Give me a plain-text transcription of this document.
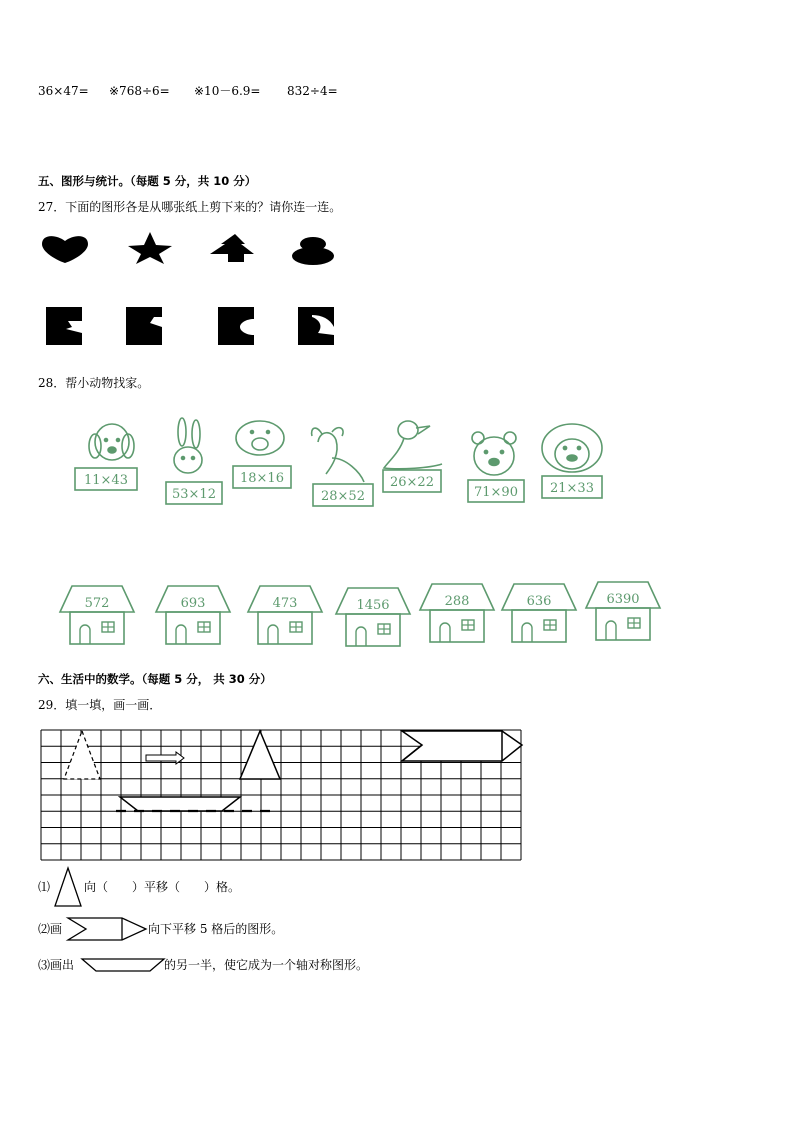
36×47= ※768÷6= ※10－6.9= 832÷4=
五、图形与统计。（每题 5 分，共 10 分）
27．下面的图形各是从哪张纸上剪下来的？请你连一连。
28．帮小动物找家。
11×43
53×12
18×16
28×52
26×22
71×90 21×33
572	693	473	1456	288	636	6390
六、生活中的数学。（每题 5 分， 共 30 分）
29．填一填，画一画．
⑴	向（　　）平移（　　）格。
⑵画	向下平移 5 格后的图形。
⑶画出	的另一半，使它成为一个轴对称图形。
